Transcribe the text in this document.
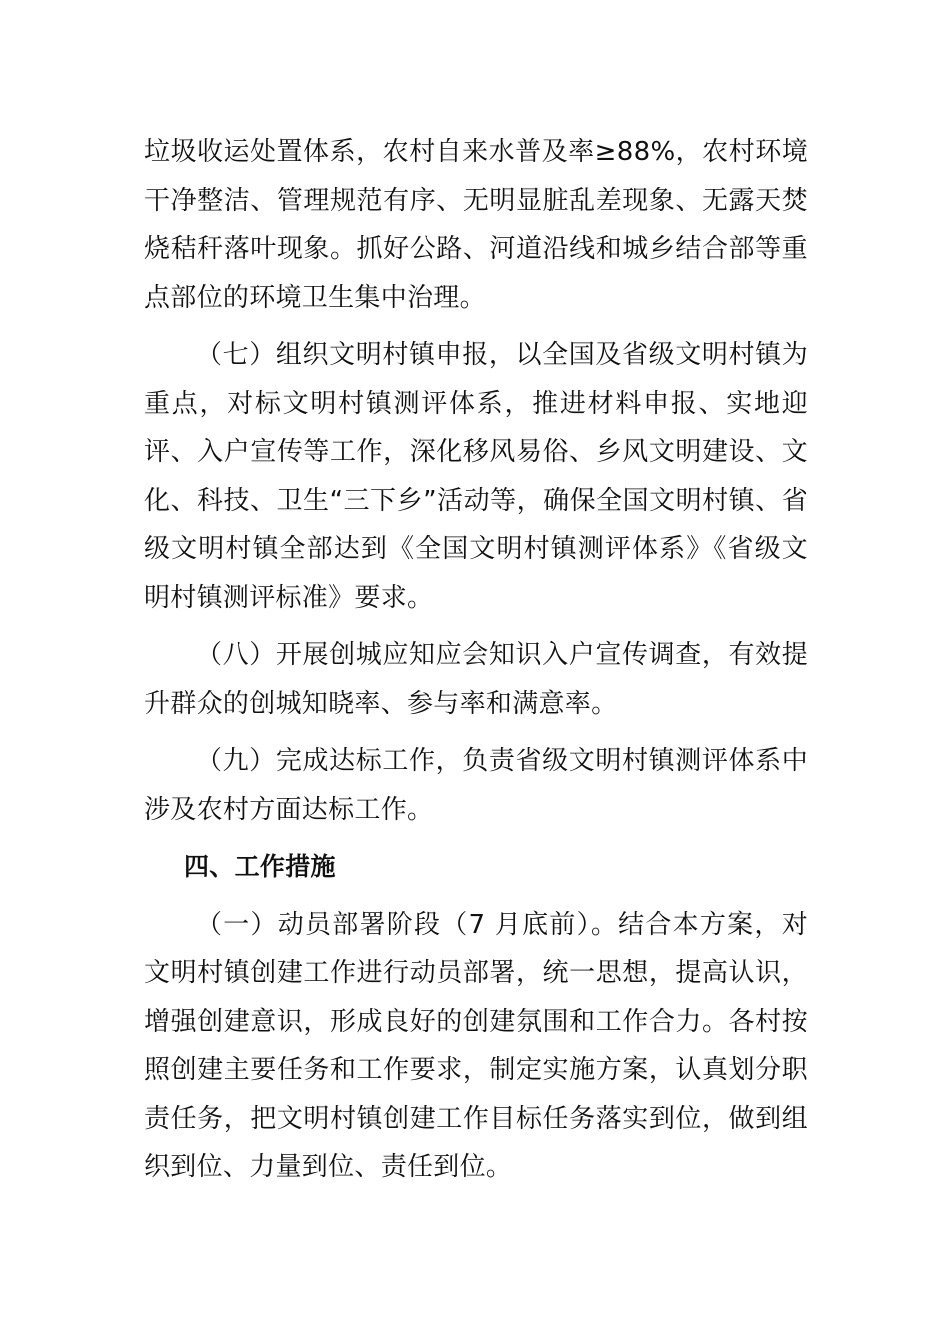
垃圾收运处置体系，农村自来水普及率≥88%，农村环境干净整洁、管理规范有序、无明显脏乱差现象、无露天焚烧秸秆落叶现象。抓好公路、河道沿线和城乡结合部等重点部位的环境卫生集中治理。

（七）组织文明村镇申报，以全国及省级文明村镇为重点，对标文明村镇测评体系，推进材料申报、实地迎评、入户宣传等工作，深化移风易俗、乡风文明建设、文化、科技、卫生“三下乡”活动等，确保全国文明村镇、省级文明村镇全部达到《全国文明村镇测评体系》《省级文明村镇测评标准》要求。

（八）开展创城应知应会知识入户宣传调查，有效提升群众的创城知晓率、参与率和满意率。

（九）完成达标工作，负责省级文明村镇测评体系中涉及农村方面达标工作。

四、工作措施

（一）动员部署阶段（7 月底前）。结合本方案，对文明村镇创建工作进行动员部署，统一思想，提高认识，增强创建意识，形成良好的创建氛围和工作合力。各村按照创建主要任务和工作要求，制定实施方案，认真划分职责任务，把文明村镇创建工作目标任务落实到位，做到组织到位、力量到位、责任到位。
